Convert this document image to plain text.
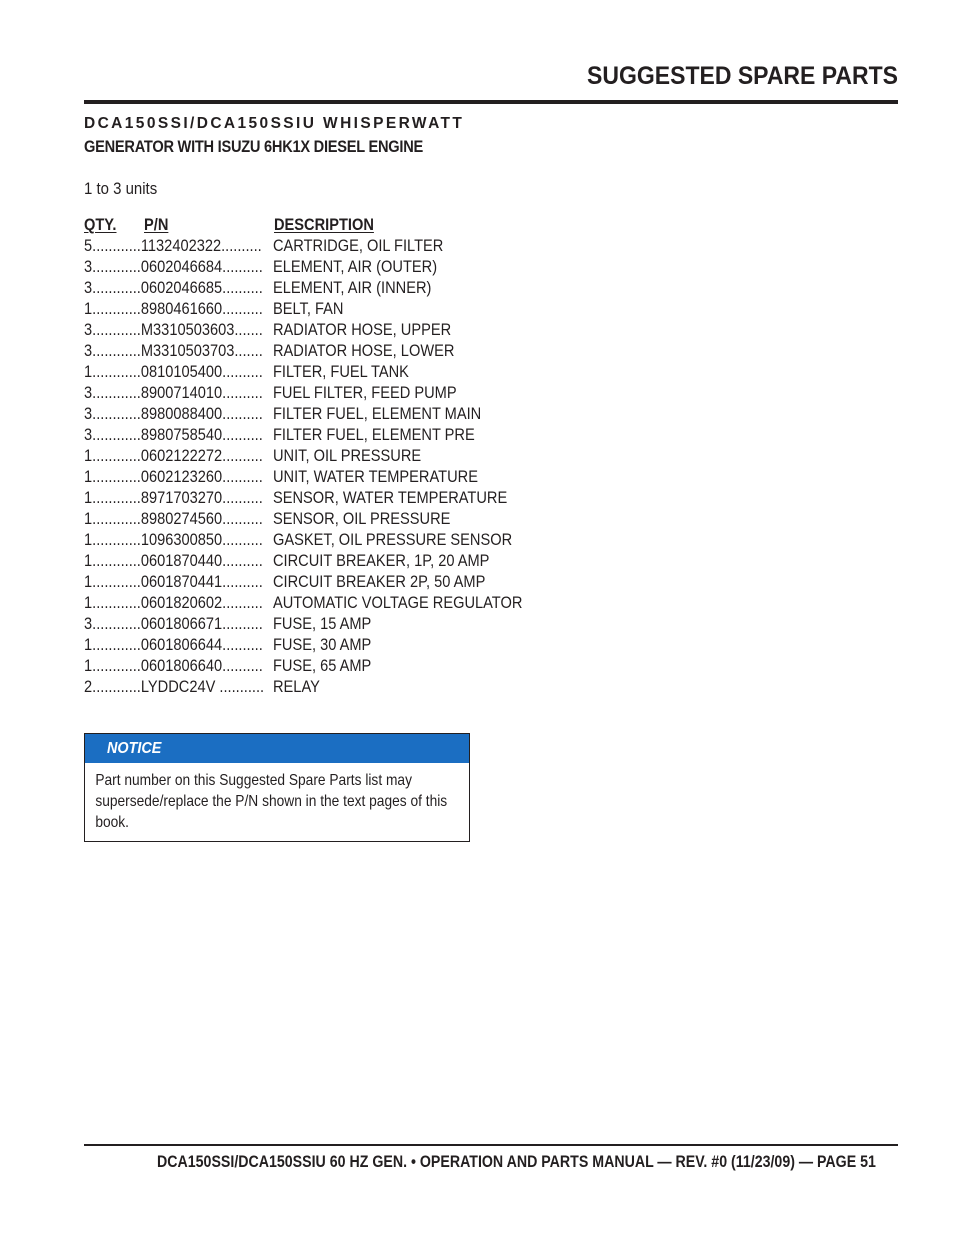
SUGGESTED SPARE PARTS
DCA150SSI/DCA150SSIU WHISPERWATT
GENERATOR WITH ISUZU 6HK1X DIESEL ENGINE
1 to 3 units
QTY. P/N	DESCRIPTION
5............1132402322.......... CARTRIDGE, OIL FILTER
3............0602046684.......... ELEMENT, AIR (OUTER)
3............0602046685.......... ELEMENT, AIR (INNER)
1............8980461660.......... BELT, FAN
3............M3310503603....... RADIATOR HOSE, UPPER
3............M3310503703....... RADIATOR HOSE, LOWER
1............0810105400.......... FILTER, FUEL TANK
3............8900714010.......... FUEL FILTER, FEED PUMP
3............8980088400.......... FILTER FUEL, ELEMENT MAIN
3............8980758540.......... FILTER FUEL, ELEMENT PRE
1............0602122272.......... UNIT, OIL PRESSURE
1............0602123260.......... UNIT, WATER TEMPERATURE
1............8971703270.......... SENSOR, WATER TEMPERATURE
1............8980274560.......... SENSOR, OIL PRESSURE
1............1096300850.......... GASKET, OIL PRESSURE SENSOR
1............0601870440.......... CIRCUIT BREAKER, 1P, 20 AMP
1............0601870441.......... CIRCUIT BREAKER 2P, 50 AMP
1............0601820602.......... AUTOMATIC VOLTAGE REGULATOR
3............0601806671.......... FUSE, 15 AMP
1............0601806644.......... FUSE, 30 AMP
1............0601806640.......... FUSE, 65 AMP
2............LYDDC24V ........... RELAY
NOTICE
Part number on this Suggested Spare Parts list may supersede/replace the P/N shown in the text pages of this book.
DCA150SSI/DCA150SSIU 60 HZ GEN. • OPERATION AND PARTS MANUAL — REV. #0 (11/23/09) — PAGE 51
